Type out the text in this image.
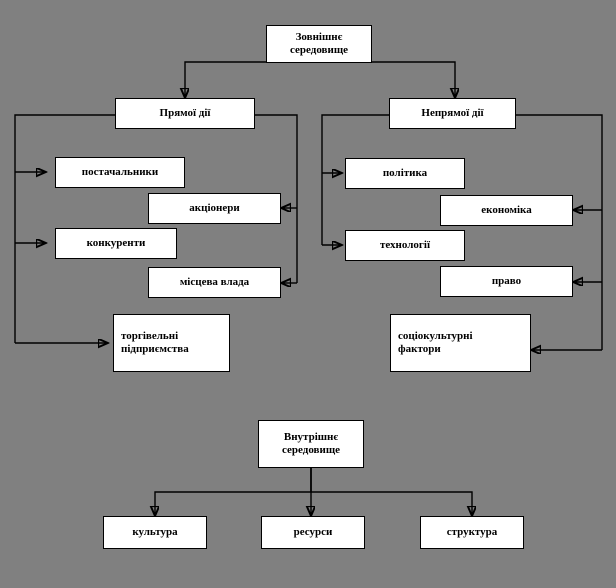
Зовнішнє
середовище
Прямої дії	Непрямої дії
постачальники
акціонери
конкуренти
місцева влада
торгівельні
підприємства
політика
економіка
технології
право
соціокультурні
фактори
Внутрішнє
середовище
культура	ресурси	структура
